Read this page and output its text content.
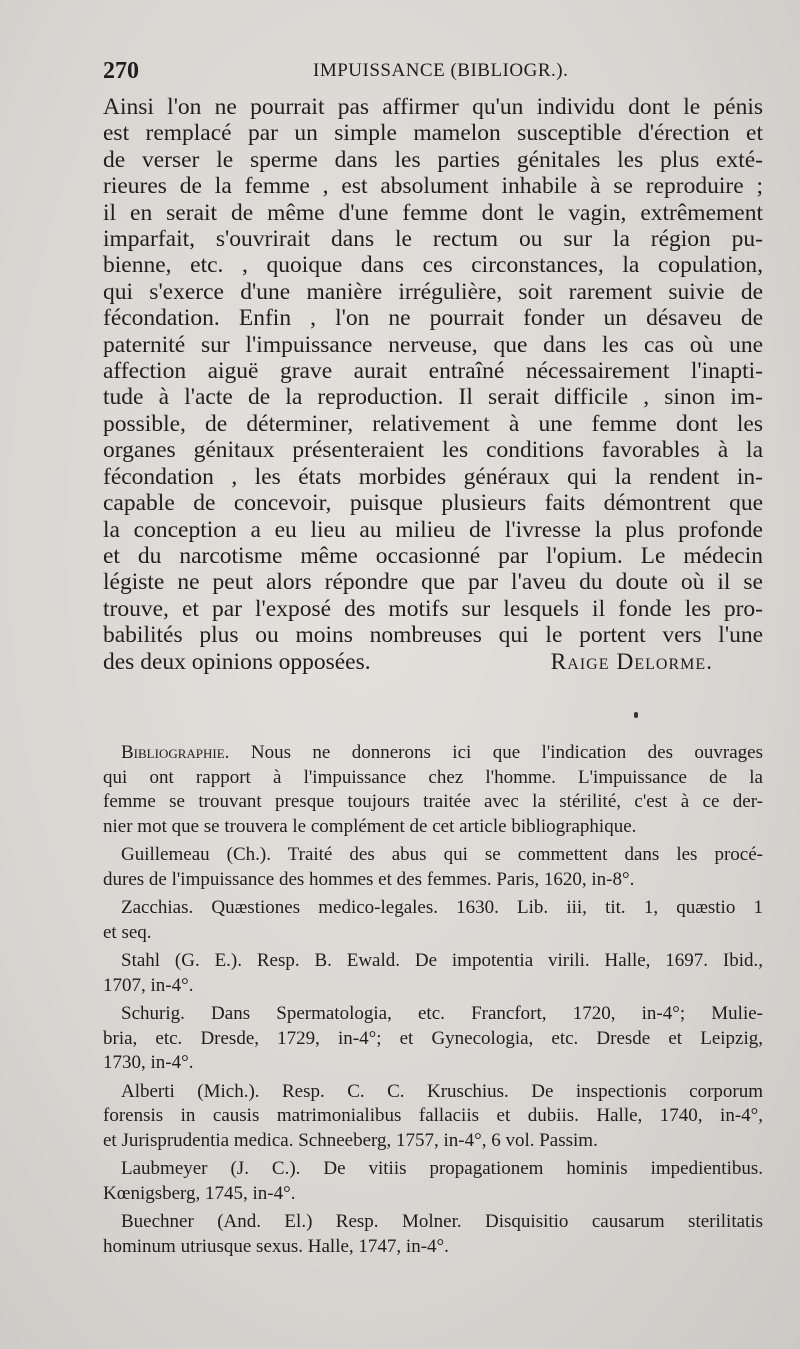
270	IMPUISSANCE (BIBLIOGR.).
Ainsi l'on ne pourrait pas affirmer qu'un individu dont le pénis
est remplacé par un simple mamelon susceptible d'érection et
de verser le sperme dans les parties génitales les plus exté-
rieures de la femme , est absolument inhabile à se reproduire ;
il en serait de même d'une femme dont le vagin, extrêmement
imparfait, s'ouvrirait dans le rectum ou sur la région pu-
bienne, etc. , quoique dans ces circonstances, la copulation,
qui s'exerce d'une manière irrégulière, soit rarement suivie de
fécondation. Enfin , l'on ne pourrait fonder un désaveu de
paternité sur l'impuissance nerveuse, que dans les cas où une
affection aiguë grave aurait entraîné nécessairement l'inapti-
tude à l'acte de la reproduction. Il serait difficile , sinon im-
possible, de déterminer, relativement à une femme dont les
organes génitaux présenteraient les conditions favorables à la
fécondation , les états morbides généraux qui la rendent in-
capable de concevoir, puisque plusieurs faits démontrent que
la conception a eu lieu au milieu de l'ivresse la plus profonde
et du narcotisme même occasionné par l'opium. Le médecin
légiste ne peut alors répondre que par l'aveu du doute où il se
trouve, et par l'exposé des motifs sur lesquels il fonde les pro-
babilités plus ou moins nombreuses qui le portent vers l'une
des deux opinions opposées.	Raige Delorme.
Bibliographie. Nous ne donnerons ici que l'indication des ouvrages
qui ont rapport à l'impuissance chez l'homme. L'impuissance de la
femme se trouvant presque toujours traitée avec la stérilité, c'est à ce der-
nier mot que se trouvera le complément de cet article bibliographique.
Guillemeau (Ch.). Traité des abus qui se commettent dans les procé-
dures de l'impuissance des hommes et des femmes. Paris, 1620, in-8°.
Zacchias. Quæstiones medico-legales. 1630. Lib. iii, tit. 1, quæstio 1
et seq.
Stahl (G. E.). Resp. B. Ewald. De impotentia virili. Halle, 1697. Ibid.,
1707, in-4°.
Schurig. Dans Spermatologia, etc. Francfort, 1720, in-4°; Mulie-
bria, etc. Dresde, 1729, in-4°; et Gynecologia, etc. Dresde et Leipzig,
1730, in-4°.
Alberti (Mich.). Resp. C. C. Kruschius. De inspectionis corporum
forensis in causis matrimonialibus fallaciis et dubiis. Halle, 1740, in-4°,
et Jurisprudentia medica. Schneeberg, 1757, in-4°, 6 vol. Passim.
Laubmeyer (J. C.). De vitiis propagationem hominis impedientibus.
Kœnigsberg, 1745, in-4°.
Buechner (And. El.) Resp. Molner. Disquisitio causarum sterilitatis
hominum utriusque sexus. Halle, 1747, in-4°.
